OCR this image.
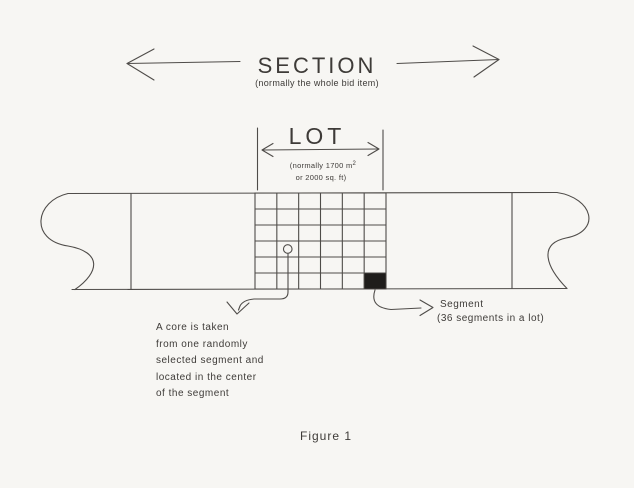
SECTION
(normally the whole bid item)
LOT
(normally 1700 $m^2$
or 2000 sq. ft)
A core is taken
from one randomly
selected segment and
located in the center
of the segment
Segment
(36 segments in a lot)
Figure 1
